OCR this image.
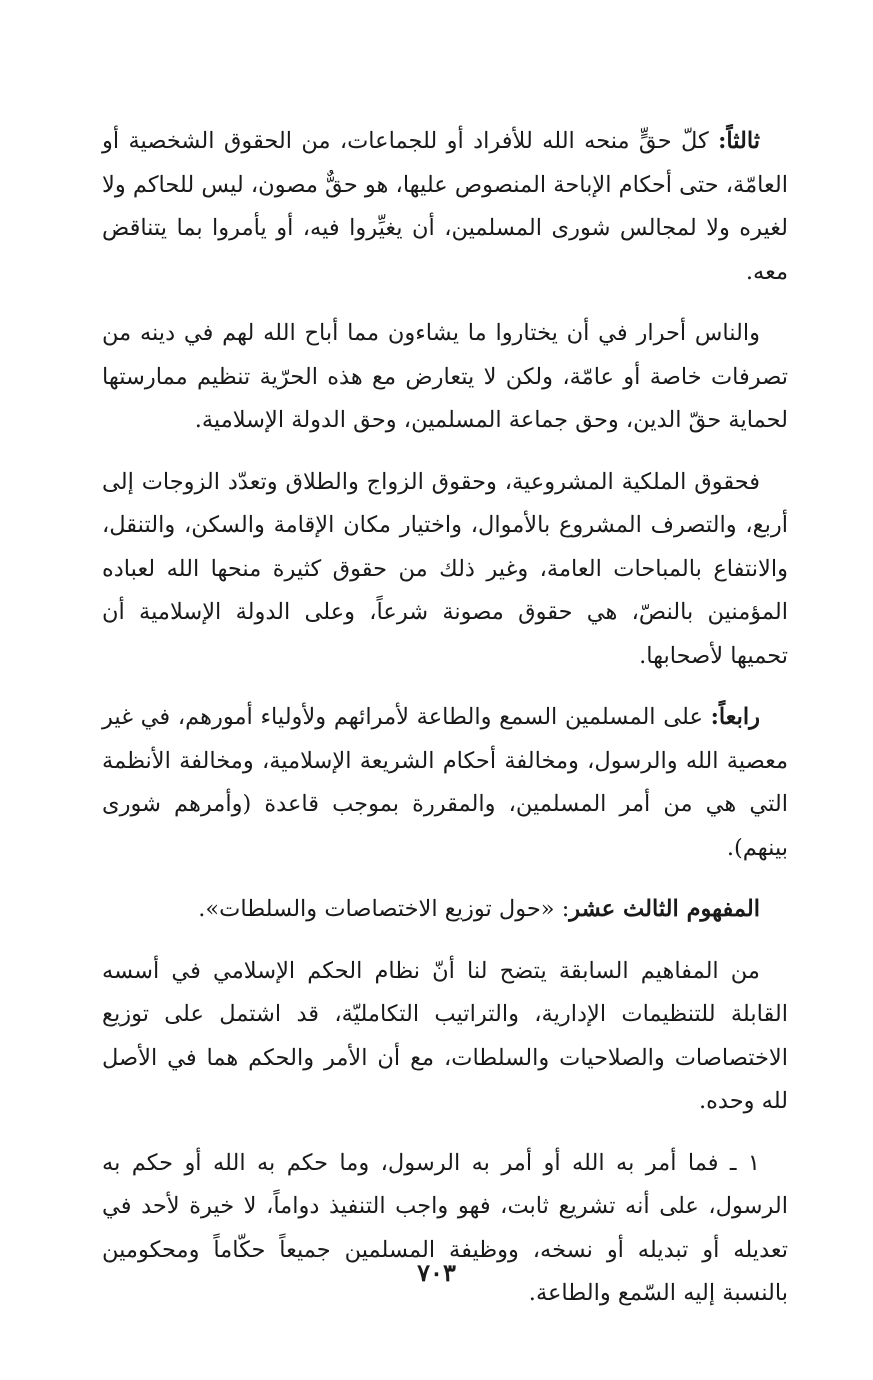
ثالثاً: كلّ حقٍّ منحه الله للأفراد أو للجماعات، من الحقوق الشخصية أو العامّة، حتى أحكام الإباحة المنصوص عليها، هو حقٌّ مصون، ليس للحاكم ولا لغيره ولا لمجالس شورى المسلمين، أن يغيِّروا فيه، أو يأمروا بما يتناقض معه.

والناس أحرار في أن يختاروا ما يشاءون مما أباح الله لهم في دينه من تصرفات خاصة أو عامّة، ولكن لا يتعارض مع هذه الحرّية تنظيم ممارستها لحماية حقّ الدين، وحق جماعة المسلمين، وحق الدولة الإسلامية.

فحقوق الملكية المشروعية، وحقوق الزواج والطلاق وتعدّد الزوجات إلى أربع، والتصرف المشروع بالأموال، واختيار مكان الإقامة والسكن، والتنقل، والانتفاع بالمباحات العامة، وغير ذلك من حقوق كثيرة منحها الله لعباده المؤمنين بالنصّ، هي حقوق مصونة شرعاً، وعلى الدولة الإسلامية أن تحميها لأصحابها.

رابعاً: على المسلمين السمع والطاعة لأمرائهم ولأولياء أمورهم، في غير معصية الله والرسول، ومخالفة أحكام الشريعة الإسلامية، ومخالفة الأنظمة التي هي من أمر المسلمين، والمقررة بموجب قاعدة (وأمرهم شورى بينهم).

المفهوم الثالث عشر: «حول توزيع الاختصاصات والسلطات».

من المفاهيم السابقة يتضح لنا أنّ نظام الحكم الإسلامي في أسسه القابلة للتنظيمات الإدارية، والتراتيب التكامليّة، قد اشتمل على توزيع الاختصاصات والصلاحيات والسلطات، مع أن الأمر والحكم هما في الأصل لله وحده.

١ ـ فما أمر به الله أو أمر به الرسول، وما حكم به الله أو حكم به الرسول، على أنه تشريع ثابت، فهو واجب التنفيذ دواماً، لا خيرة لأحد في تعديله أو تبديله أو نسخه، ووظيفة المسلمين جميعاً حكّاماً ومحكومين بالنسبة إليه السّمع والطاعة.

٧٠٣
